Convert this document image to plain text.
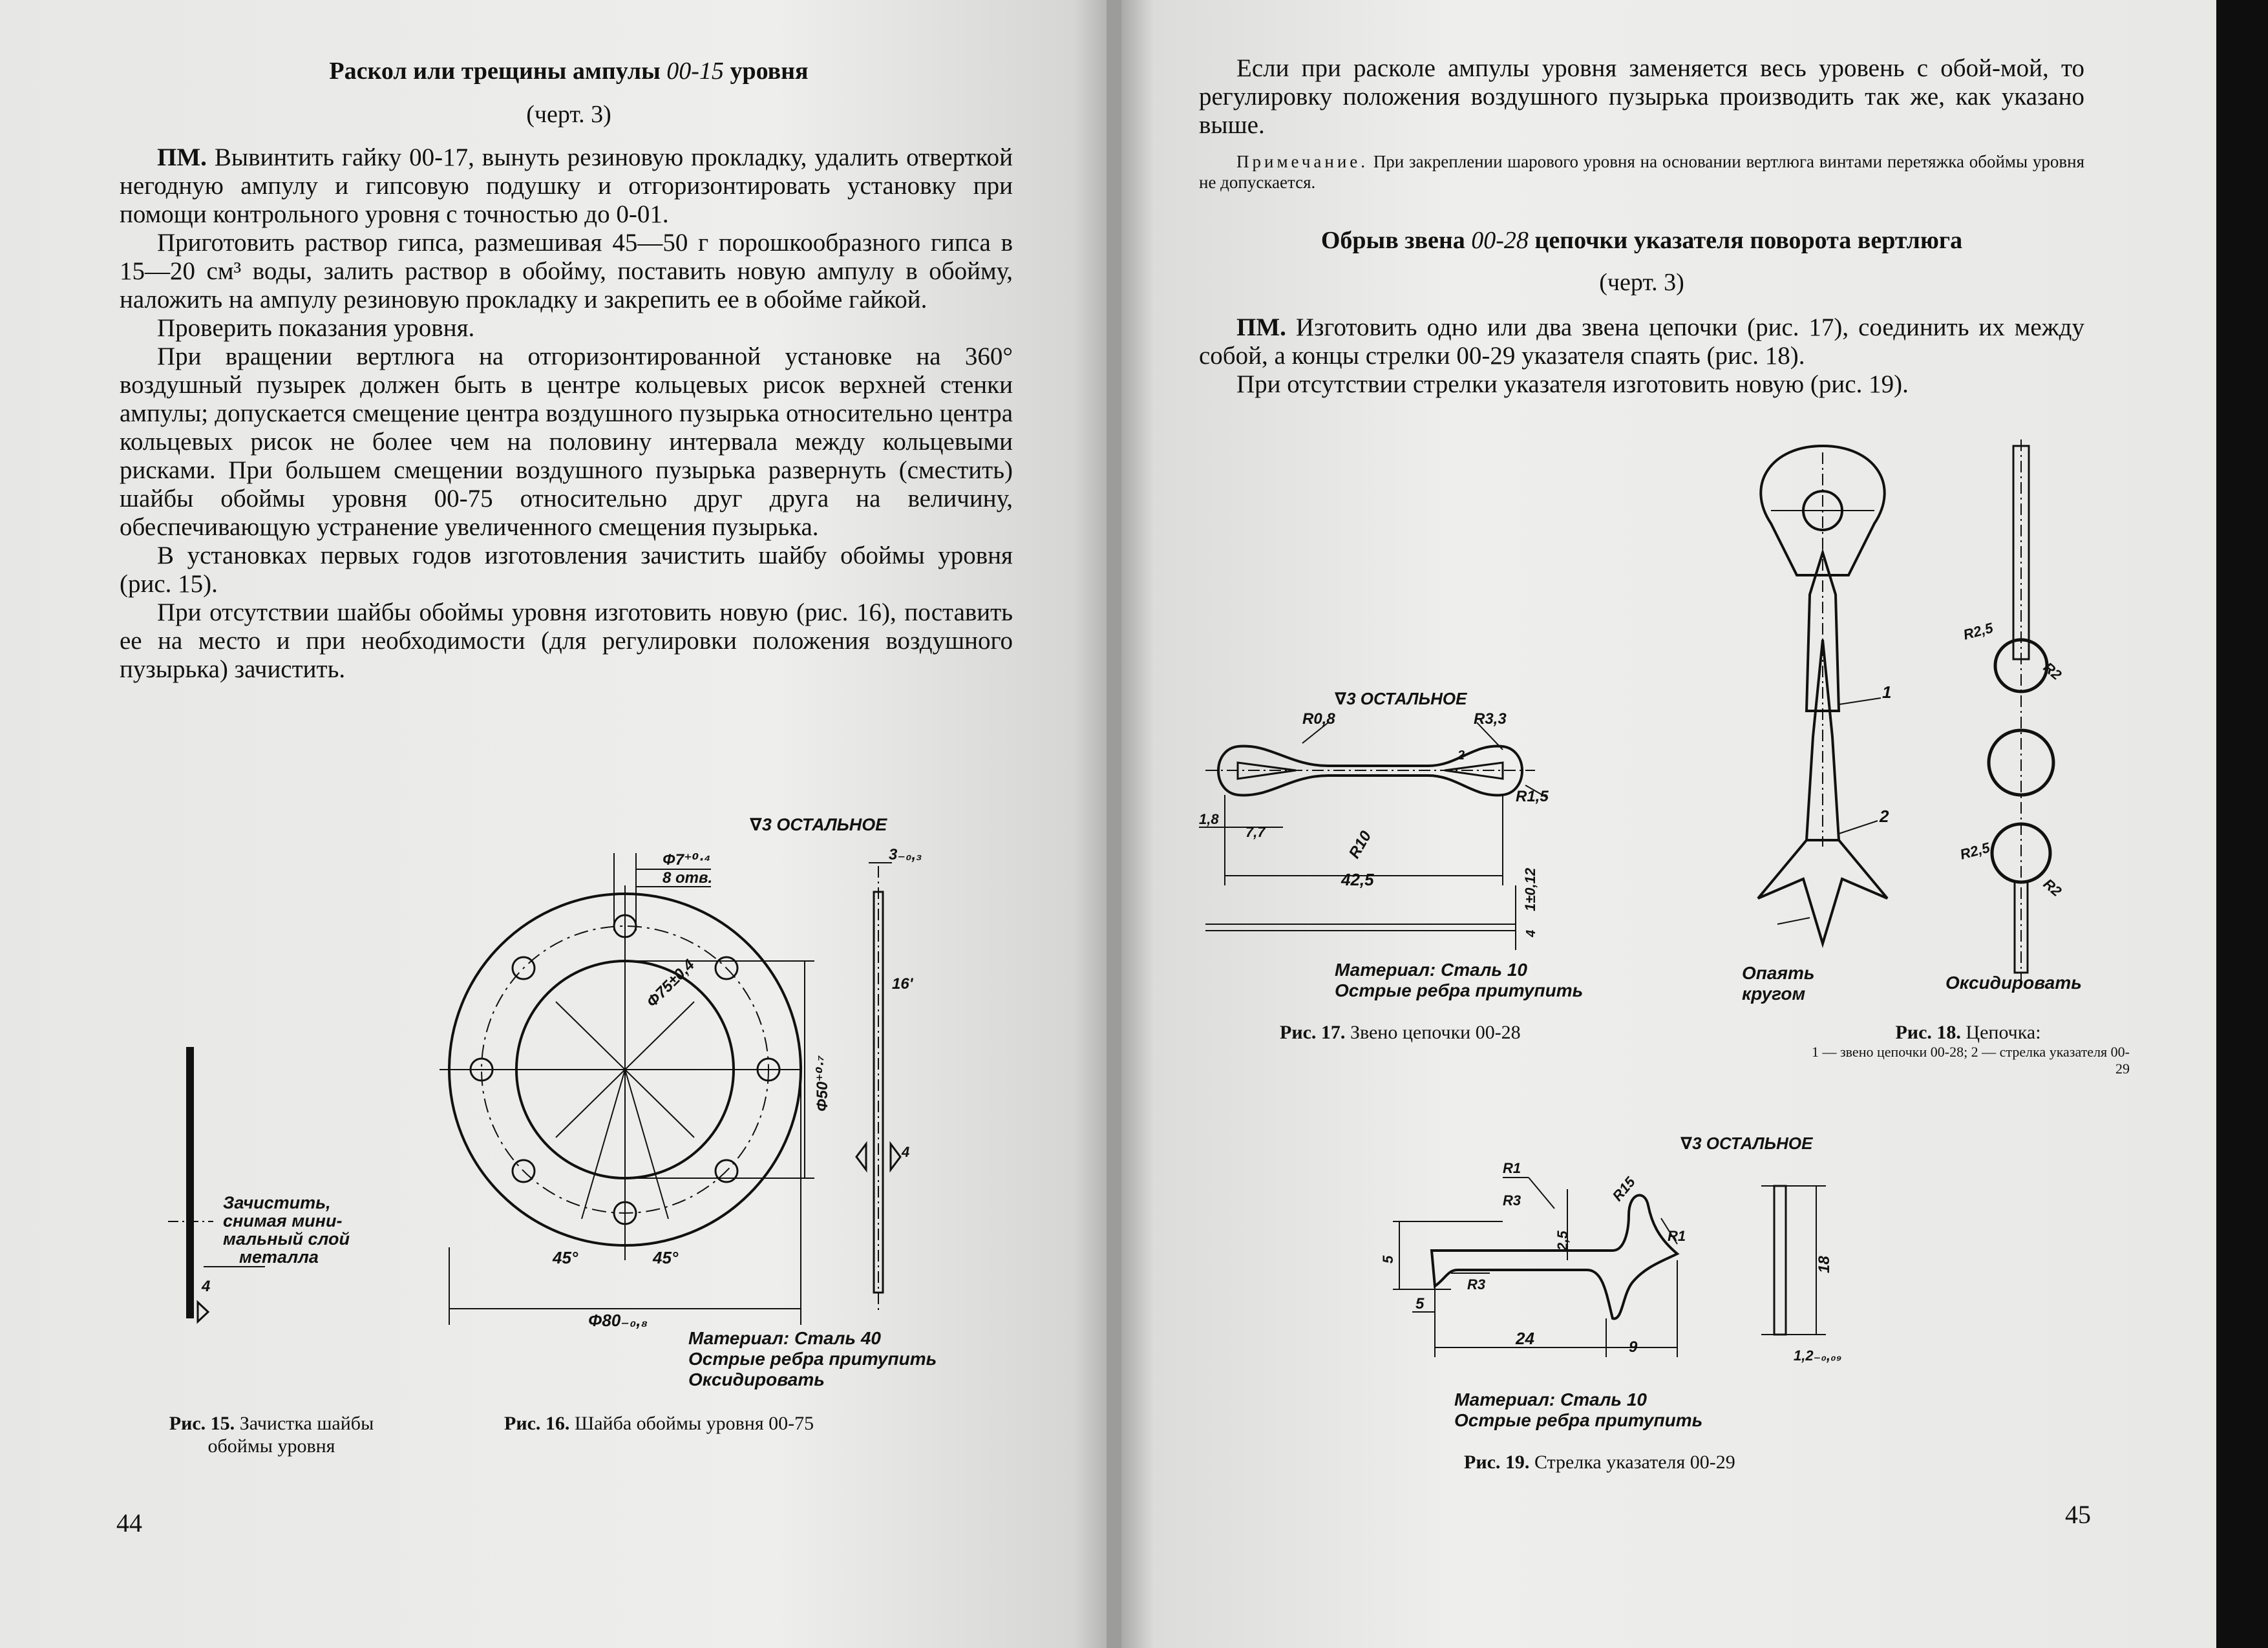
Раскол или трещины ампулы 00-15 уровня
(черт. 3)

ПМ. Вывинтить гайку 00-17, вынуть резиновую прокладку, удалить отверткой негодную ампулу и гипсовую подушку и отгоризонтировать установку при помощи контрольного уровня с точностью до 0-01.

Приготовить раствор гипса, размешивая 45—50 г порошкообразного гипса в 15—20 см³ воды, залить раствор в обойму, поставить новую ампулу в обойму, наложить на ампулу резиновую прокладку и закрепить ее в обойме гайкой.

Проверить показания уровня.

При вращении вертлюга на отгоризонтированной установке на 360° воздушный пузырек должен быть в центре кольцевых рисок верхней стенки ампулы; допускается смещение центра воздушного пузырька относительно центра кольцевых рисок не более чем на половину интервала между кольцевыми рисками. При большем смещении воздушного пузырька развернуть (сместить) шайбы обоймы уровня 00-75 относительно друг друга на величину, обеспечивающую устранение увеличенного смещения пузырька.

В установках первых годов изготовления зачистить шайбу обоймы уровня (рис. 15).

При отсутствии шайбы обоймы уровня изготовить новую (рис. 16), поставить ее на место и при необходимости (для регулировки положения воздушного пузырька) зачистить.

4
Зачистить,
снимая мини-
мальный слой
металла
Рис. 15. Зачистка шайбы обоймы уровня
∇3 ОСТАЛЬНОЕ
Φ7⁺⁰·⁴
8 отв.
Φ75±0,4
Φ50⁺⁰·⁷
Φ80₋₀,₈
45°	45°
3₋₀,₃
16'
4
Материал: Сталь 40
Острые ребра притупить
Оксидировать
Рис. 16. Шайба обоймы уровня 00-75
44

Если при расколе ампулы уровня заменяется весь уровень с обой-мой, то регулировку положения воздушного пузырька производить так же, как указано выше.

Примечание. При закреплении шарового уровня на основании вертлюга винтами перетяжка обоймы уровня не допускается.
Обрыв звена 00-28 цепочки указателя поворота вертлюга
(черт. 3)

ПМ. Изготовить одно или два звена цепочки (рис. 17), соединить их между собой, а концы стрелки 00-29 указателя спаять (рис. 18).

При отсутствии стрелки указателя изготовить новую (рис. 19).

∇3 ОСТАЛЬНОЕ
R0,8	R3,3
R1,5
R10
2
1,8
7,7
42,5	1±0,12
4
Материал: Сталь 10
Острые ребра притупить
Рис. 17. Звено цепочки 00-28
1
2
Опаять
кругом
R2,5
R2
R2,5
R2
Оксидировать
Рис. 18. Цепочка:
1 — звено цепочки 00-28; 2 — стрелка указателя 00-29
∇3 ОСТАЛЬНОЕ
R1
R3	R15
R1
R3
2,5
5
5
24	9
18
1,2₋₀,₀₉
Материал: Сталь 10
Острые ребра притупить
Рис. 19. Стрелка указателя 00-29
45
